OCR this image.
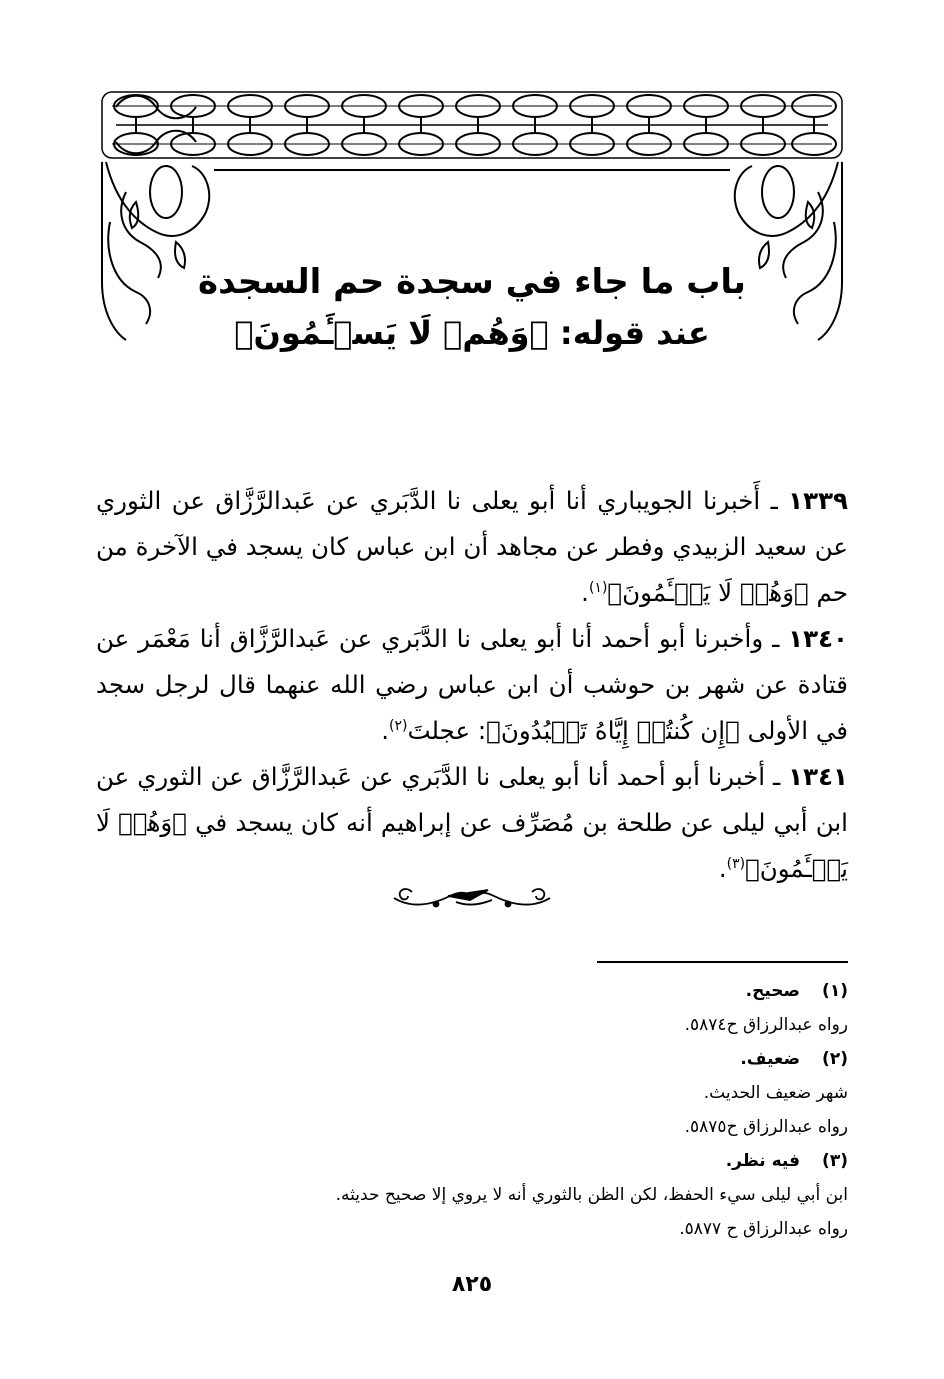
باب ما جاء في سجدة حم السجدة
عند قوله: ﴿وَهُمۡ لَا يَسۡـَٔمُونَ﴾

١٣٣٩ ـ أَخبرنا الجويباري أنا أبو يعلى نا الدَّبَري عن عَبدالرَّزَّاق عن الثوري عن سعيد الزبيدي وفطر عن مجاهد أن ابن عباس كان يسجد في الآخرة من حم ﴿وَهُمۡ لَا يَسۡـَٔمُونَ﴾$^{(١)}$.

١٣٤٠ ـ وأخبرنا أبو أحمد أنا أبو يعلى نا الدَّبَري عن عَبدالرَّزَّاق أنا مَعْمَر عن قتادة عن شهر بن حوشب أن ابن عباس رضي الله عنهما قال لرجل سجد في الأولى ﴿إِن كُنتُمۡ إِيَّاهُ تَعۡبُدُونَ﴾: عجلتَ$^{(٢)}$.

١٣٤١ ـ أخبرنا أبو أحمد أنا أبو يعلى نا الدَّبَري عن عَبدالرَّزَّاق عن الثوري عن ابن أبي ليلى عن طلحة بن مُصَرِّف عن إبراهيم أنه كان يسجد في ﴿وَهُمۡ لَا يَسۡـَٔمُونَ﴾$^{(٣)}$.

(١)
صحيح.
رواه عبدالرزاق ح٥٨٧٤.
(٢)
ضعيف.
شهر ضعيف الحديث.
رواه عبدالرزاق ح٥٨٧٥.
(٣)
فيه نظر.
ابن أبي ليلى سيء الحفظ، لكن الظن بالثوري أنه لا يروي إلا صحيح حديثه.
رواه عبدالرزاق ح ٥٨٧٧.
٨٢٥
